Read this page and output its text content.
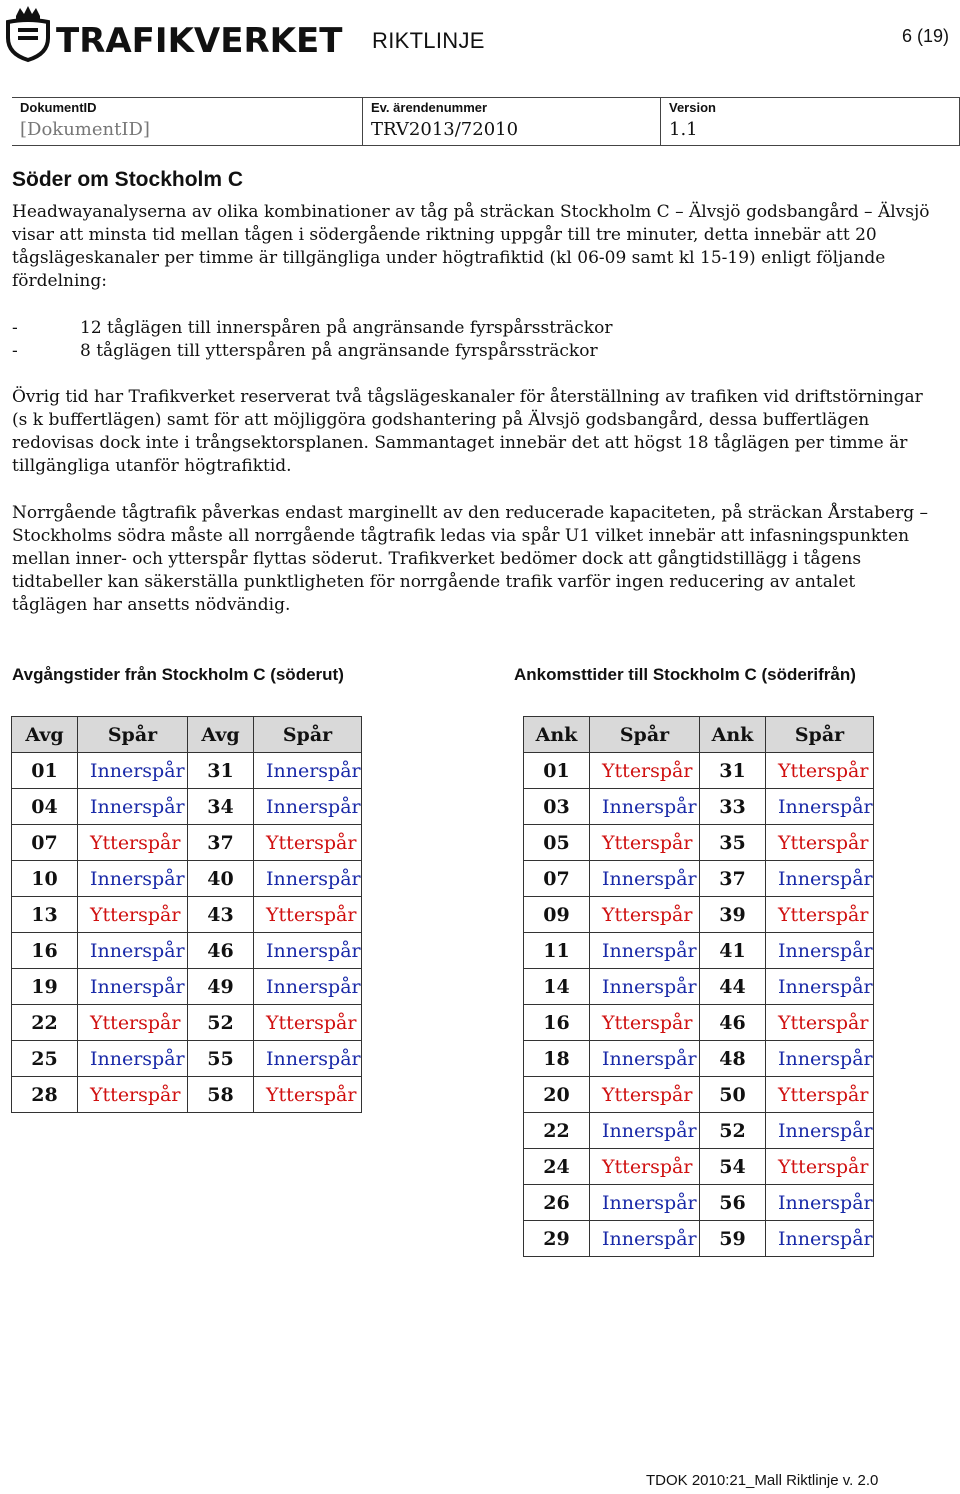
TRAFIKVERKET RIKTLINJE	6 (19)
DokumentID
[DokumentID]
Ev. ärendenummer
TRV2013/72010
Version
1.1
Söder om Stockholm C

Headwayanalyserna av olika kombinationer av tåg på sträckan Stockholm C – Älvsjö godsbangård – Älvsjö visar att minsta tid mellan tågen i södergående riktning uppgår till tre minuter, detta innebär att 20 tågslägeskanaler per timme är tillgängliga under högtrafiktid (kl 06-09 samt kl 15-19) enligt följande fördelning:

-	12 tåglägen till innerspåren på angränsande fyrspårssträckor
-	8 tåglägen till ytterspåren på angränsande fyrspårssträckor

Övrig tid har Trafikverket reserverat två tågslägeskanaler för återställning av trafiken vid driftstörningar (s k buffertlägen) samt för att möjliggöra godshantering på Älvsjö godsbangård, dessa buffertlägen redovisas dock inte i trångsektorsplanen. Sammantaget innebär det att högst 18 tåglägen per timme är tillgängliga utanför högtrafiktid.

Norrgående tågtrafik påverkas endast marginellt av den reducerade kapaciteten, på sträckan Årstaberg – Stockholms södra måste all norrgående tågtrafik ledas via spår U1 vilket innebär att infasningspunkten mellan inner- och ytterspår flyttas söderut. Trafikverket bedömer dock att gångtidstillägg i tågens tidtabeller kan säkerställa punktligheten för norrgående trafik varför ingen reducering av antalet tåglägen har ansetts nödvändig.

Avgångstider från Stockholm C (söderut)	Ankomsttider till Stockholm C (söderifrån)
Avg	Spår	Avg	Spår
01	Innerspår	31	Innerspår
04	Innerspår	34	Innerspår
07	Ytterspår	37	Ytterspår
10	Innerspår	40	Innerspår
13	Ytterspår	43	Ytterspår
16	Innerspår	46	Innerspår
19	Innerspår	49	Innerspår
22	Ytterspår	52	Ytterspår
25	Innerspår	55	Innerspår
28	Ytterspår	58	Ytterspår
Ank	Spår	Ank	Spår
01	Ytterspår	31	Ytterspår
03	Innerspår	33	Innerspår
05	Ytterspår	35	Ytterspår
07	Innerspår	37	Innerspår
09	Ytterspår	39	Ytterspår
11	Innerspår	41	Innerspår
14	Innerspår	44	Innerspår
16	Ytterspår	46	Ytterspår
18	Innerspår	48	Innerspår
20	Ytterspår	50	Ytterspår
22	Innerspår	52	Innerspår
24	Ytterspår	54	Ytterspår
26	Innerspår	56	Innerspår
29	Innerspår	59	Innerspår
TDOK 2010:21_Mall Riktlinje v. 2.0
